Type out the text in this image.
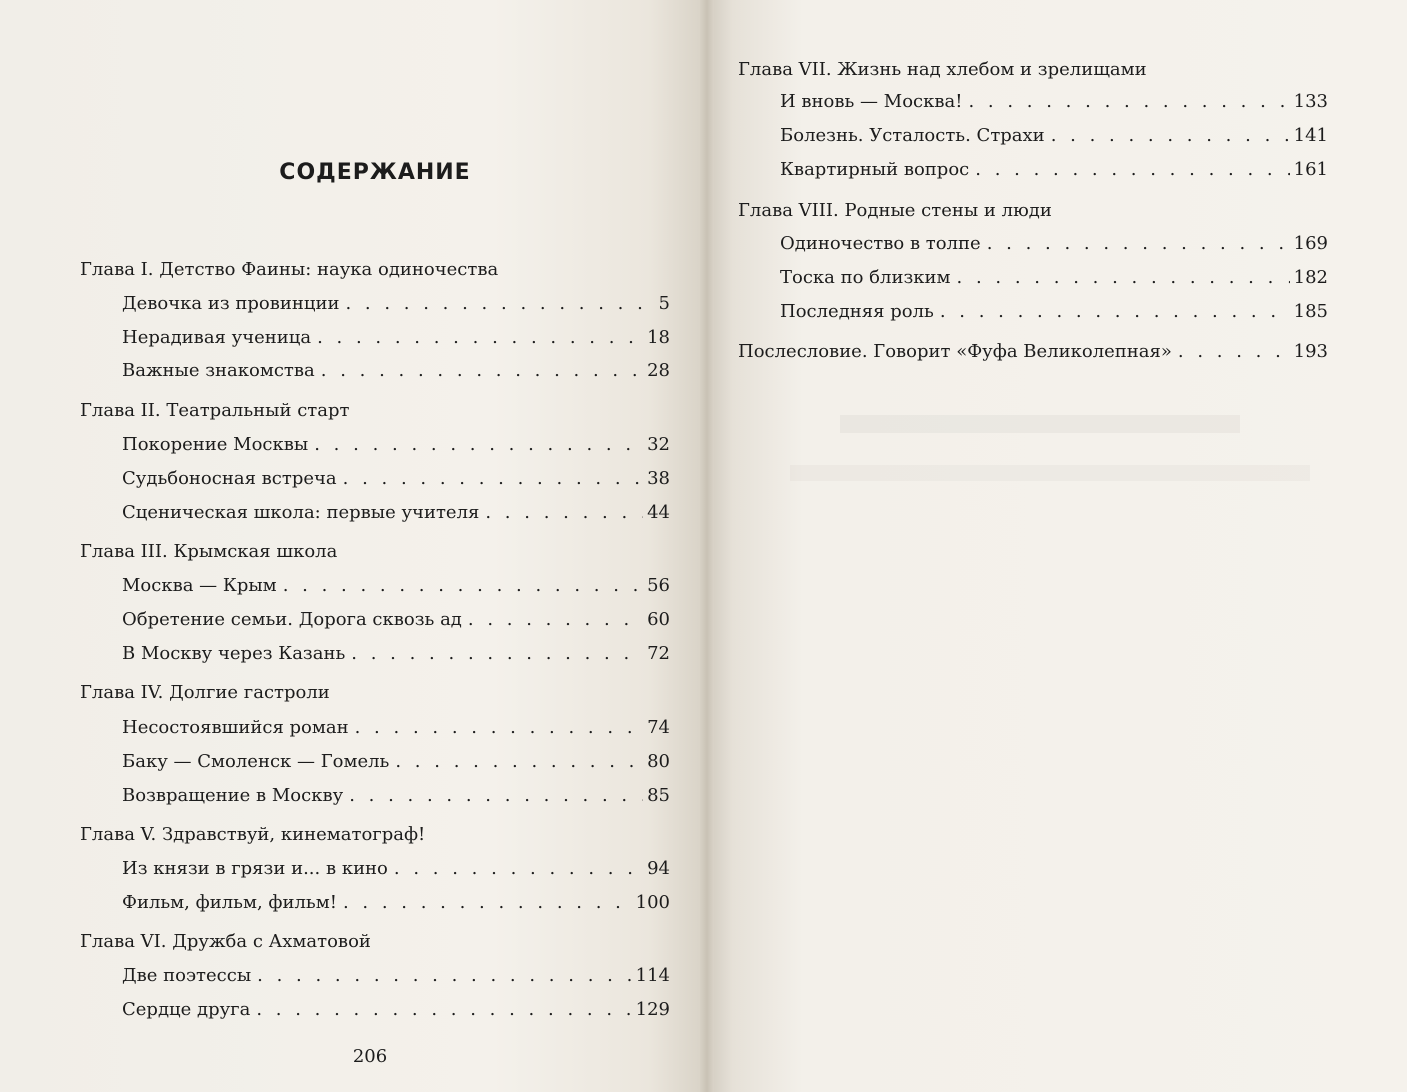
СОДЕРЖАНИЕ
Глава I. Детство Фаины: наука одиночества
Девочка из провинции . . .	5
Нерадивая ученица . . .	18
Важные знакомства . . .	28
Глава II. Театральный старт
Покорение Москвы . . .	32
Судьбоносная встреча . . .	38
Сценическая школа: первые учителя . . .	44
Глава III. Крымская школа
Москва — Крым . . .	56
Обретение семьи. Дорога сквозь ад . . .	60
В Москву через Казань . . .	72
Глава IV. Долгие гастроли
Несостоявшийся роман . . .	74
Баку — Смоленск — Гомель . . .	80
Возвращение в Москву . . .	85
Глава V. Здравствуй, кинематограф!
Из князи в грязи и... в кино . . .	94
Фильм, фильм, фильм! . . .	100
Глава VI. Дружба с Ахматовой
Две поэтессы . . .	114
Сердце друга . . .	129
206
Глава VII. Жизнь над хлебом и зрелищами
И вновь — Москва! . . .	133
Болезнь. Усталость. Страхи . . .	141
Квартирный вопрос . . .	161
Глава VIII. Родные стены и люди
Одиночество в толпе . . .	169
Тоска по близким . . .	182
Последняя роль . . .	185
Послесловие. Говорит «Фуфа Великолепная» . . .	193
